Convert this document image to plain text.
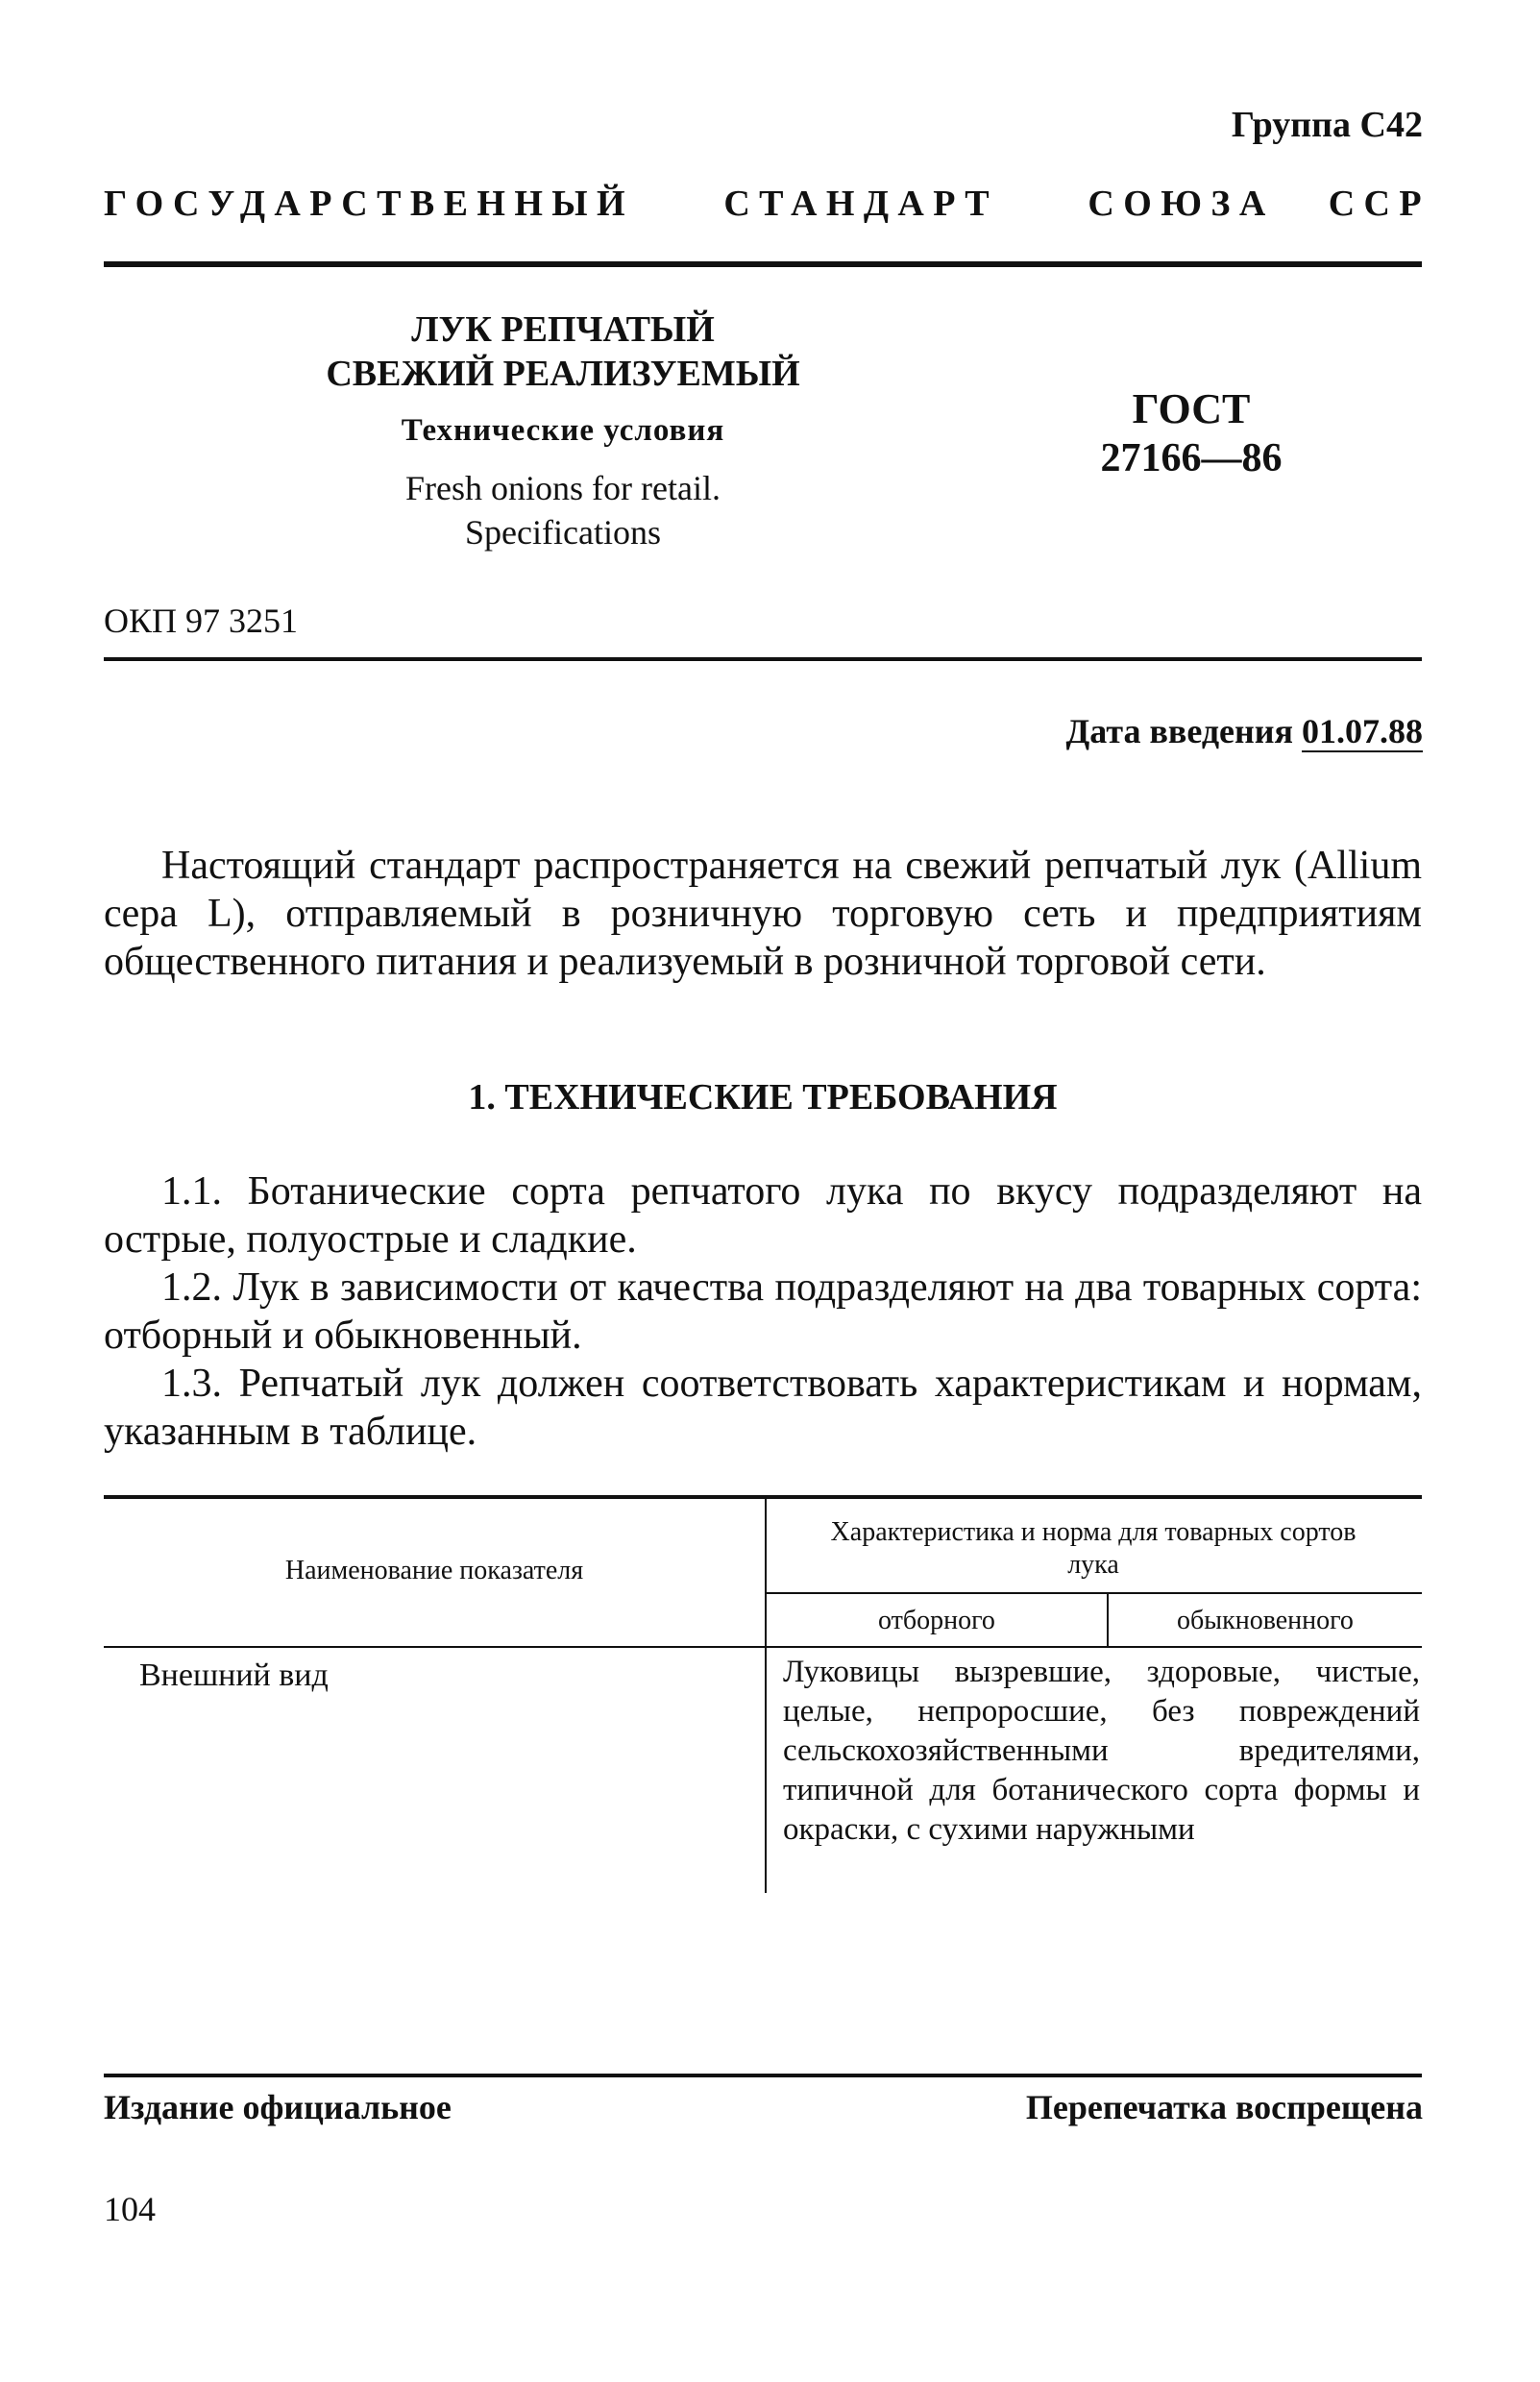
Группа С42
ГОСУДАРСТВЕННЫЙ СТАНДАРТ СОЮЗА ССР
ЛУК РЕПЧАТЫЙ
СВЕЖИЙ РЕАЛИЗУЕМЫЙ
Технические условия
Fresh onions for retail.
Specifications
ГОСТ
27166—86
ОКП 97 3251
Дата введения 01.07.88
Настоящий стандарт распространяется на свежий репчатый лук (Allium cepa L), отправляемый в розничную торговую сеть и предприятиям общественного питания и реализуемый в розничной торговой сети.
1. ТЕХНИЧЕСКИЕ ТРЕБОВАНИЯ
1.1. Ботанические сорта репчатого лука по вкусу подразделяют на острые, полуострые и сладкие.
1.2. Лук в зависимости от качества подразделяют на два товарных сорта: отборный и обыкновенный.
1.3. Репчатый лук должен соответствовать характеристикам и нормам, указанным в таблице.
Наименование показателя
Характеристика и норма для товарных сортов лука
отборного	обыкновенного
Внешний вид	Луковицы вызревшие, здоровые, чистые, целые, непроросшие, без повреждений сельскохозяйственными вредителями, типичной для ботанического сорта формы и окраски, с сухими наружными
Издание официальное	Перепечатка воспрещена
104
